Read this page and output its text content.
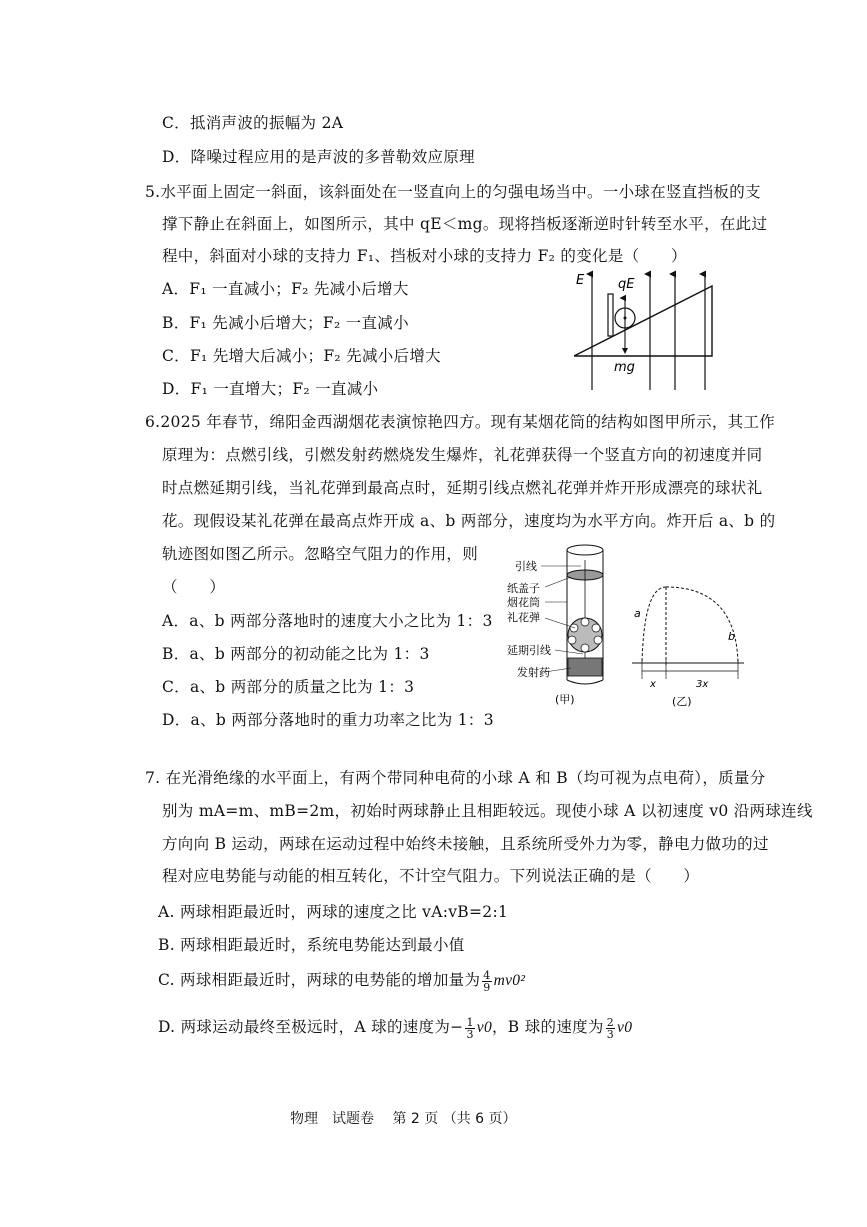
C．抵消声波的振幅为 2A
D．降噪过程应用的是声波的多普勒效应原理
5.水平面上固定一斜面，该斜面处在一竖直向上的匀强电场当中。一小球在竖直挡板的支
撑下静止在斜面上，如图所示，其中 qE＜mg。现将挡板逐渐逆时针转至水平，在此过
程中，斜面对小球的支持力 F₁、挡板对小球的支持力 F₂ 的变化是（　　）
A．F₁ 一直减小；F₂ 先减小后增大
B．F₁ 先减小后增大；F₂ 一直减小
C．F₁ 先增大后减小；F₂ 先减小后增大
D．F₁ 一直增大；F₂ 一直减小
E	qE
mg
6.2025 年春节，绵阳金西湖烟花表演惊艳四方。现有某烟花筒的结构如图甲所示，其工作
原理为：点燃引线，引燃发射药燃烧发生爆炸，礼花弹获得一个竖直方向的初速度并同
时点燃延期引线，当礼花弹到最高点时，延期引线点燃礼花弹并炸开形成漂亮的球状礼
花。现假设某礼花弹在最高点炸开成 a、b 两部分，速度均为水平方向。炸开后 a、b 的
轨迹图如图乙所示。忽略空气阻力的作用，则
（　　）
A．a、b 两部分落地时的速度大小之比为 1：3
B．a、b 两部分的初动能之比为 1：3
C．a、b 两部分的质量之比为 1：3
D．a、b 两部分落地时的重力功率之比为 1：3
引线
纸盖子
烟花筒
礼花弹
延期引线
发射药
(甲)
a
b
x	3x
(乙)
7. 在光滑绝缘的水平面上，有两个带同种电荷的小球 A 和 B（均可视为点电荷），质量分
别为 mA=m、mB=2m，初始时两球静止且相距较远。现使小球 A 以初速度 v0 沿两球连线
方向向 B 运动，两球在运动过程中始终未接触，且系统所受外力为零，静电力做功的过
程对应电势能与动能的相互转化，不计空气阻力。下列说法正确的是（　　）
A. 两球相距最近时，两球的速度之比 vA:vB=2:1
B. 两球相距最近时，系统电势能达到最小值
C. 两球相距最近时，两球的电势能的增加量为 $\frac{4}{9} mv0^2$
D. 两球运动最终至极远时，A 球的速度为− $\frac{1}{3} v0$，B 球的速度为 $\frac{2}{3} v0$
物理　试题卷　 第 2 页 （共 6 页）
